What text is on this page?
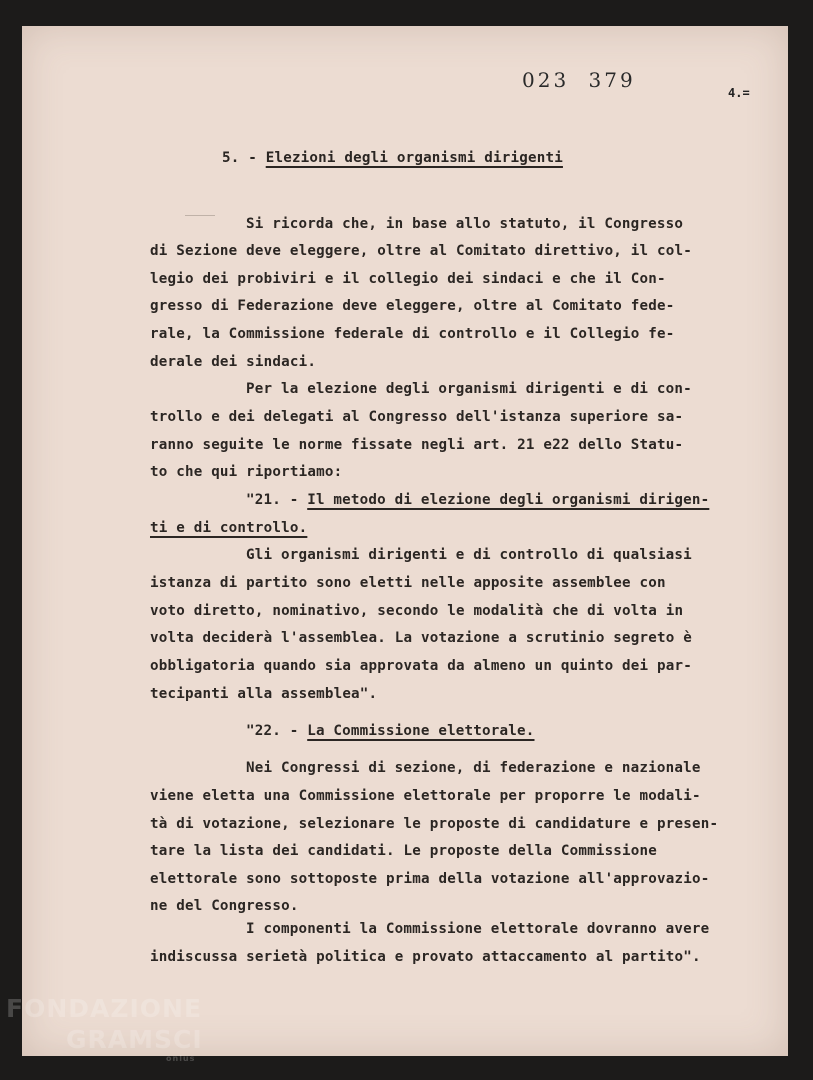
023 379
4.=
5. - Elezioni degli organismi dirigenti
Si ricorda che, in base allo statuto, il Congresso
di Sezione deve eleggere, oltre al Comitato direttivo, il col-
legio dei probiviri e il collegio dei sindaci e che il Con-
gresso di Federazione deve eleggere, oltre al Comitato fede-
rale, la Commissione federale di controllo e il Collegio fe-
derale dei sindaci.
Per la elezione degli organismi dirigenti e di con-
trollo e dei delegati al Congresso dell'istanza superiore sa-
ranno seguite le norme fissate negli art. 21 e22 dello Statu-
to che qui riportiamo:
"21. - Il metodo di elezione degli organismi dirigen-
ti e di controllo.
Gli organismi dirigenti e di controllo di qualsiasi
istanza di partito sono eletti nelle apposite assemblee con
voto diretto, nominativo, secondo le modalità che di volta in
volta deciderà l'assemblea. La votazione a scrutinio segreto è
obbligatoria quando sia approvata da almeno un quinto dei par-
tecipanti alla assemblea".
"22. - La Commissione elettorale.
Nei Congressi di sezione, di federazione e nazionale
viene eletta una Commissione elettorale per proporre le modali-
tà di votazione, selezionare le proposte di candidature e presen-
tare la lista dei candidati. Le proposte della Commissione
elettorale sono sottoposte prima della votazione all'approvazio-
ne del Congresso.
I componenti la Commissione elettorale dovranno avere
indiscussa serietà politica e provato attaccamento al partito".
FONDAZIONE
GRAMSCI
onlus
